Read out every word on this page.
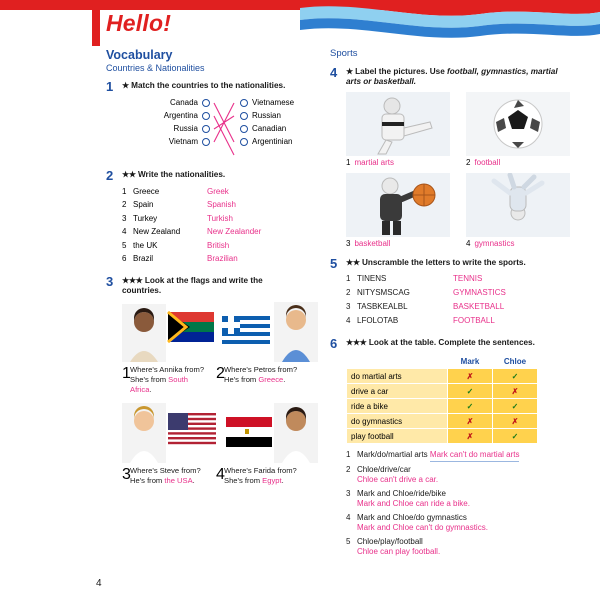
Hello!
Vocabulary
Countries & Nationalities
1 ★ Match the countries to the nationalities.

Canada
Argentina
Russia
Vietnam
Vietnamese
Russian
Canadian
Argentinian
2 ★★ Write the nationalities.

1 Greece	Greek
2 Spain	Spanish
3 Turkey	Turkish
4 New Zealand	New Zealander
5 the UK	British
6 Brazil	Brazilian
3 ★★★ Look at the flags and write the countries.

1 Where's Annika from?
She's from South Africa.
2 Where's Petros from?
He's from Greece.
3 Where's Steve from?
He's from the USA.	4 Where's Farida from?
She's from Egypt.
Sports
4 ★ Label the pictures. Use football, gymnastics, martial arts or basketball.

1 martial arts	2 football
3 basketball	4 gymnastics
5 ★★ Unscramble the letters to write the sports.

1 TINENS	TENNIS
2 NITYSMSCAG	GYMNASTICS
3 TASBKEALBL	BASKETBALL
4 LFOLOTAB	FOOTBALL
6 ★★★ Look at the table. Complete the sentences.

	Mark	Chloe
do martial arts	✗	✓
drive a car	✓	✗
ride a bike	✓	✓
do gymnastics	✗	✗
play football	✗	✓
1 Mark/do/martial arts Mark can't do martial arts
2 Chloe/drive/car
Chloe can't drive a car.
3 Mark and Chloe/ride/bike
Mark and Chloe can ride a bike.
4 Mark and Chloe/do gymnastics
Mark and Chloe can't do gymnastics.
5 Chloe/play/football
Chloe can play football.
4
